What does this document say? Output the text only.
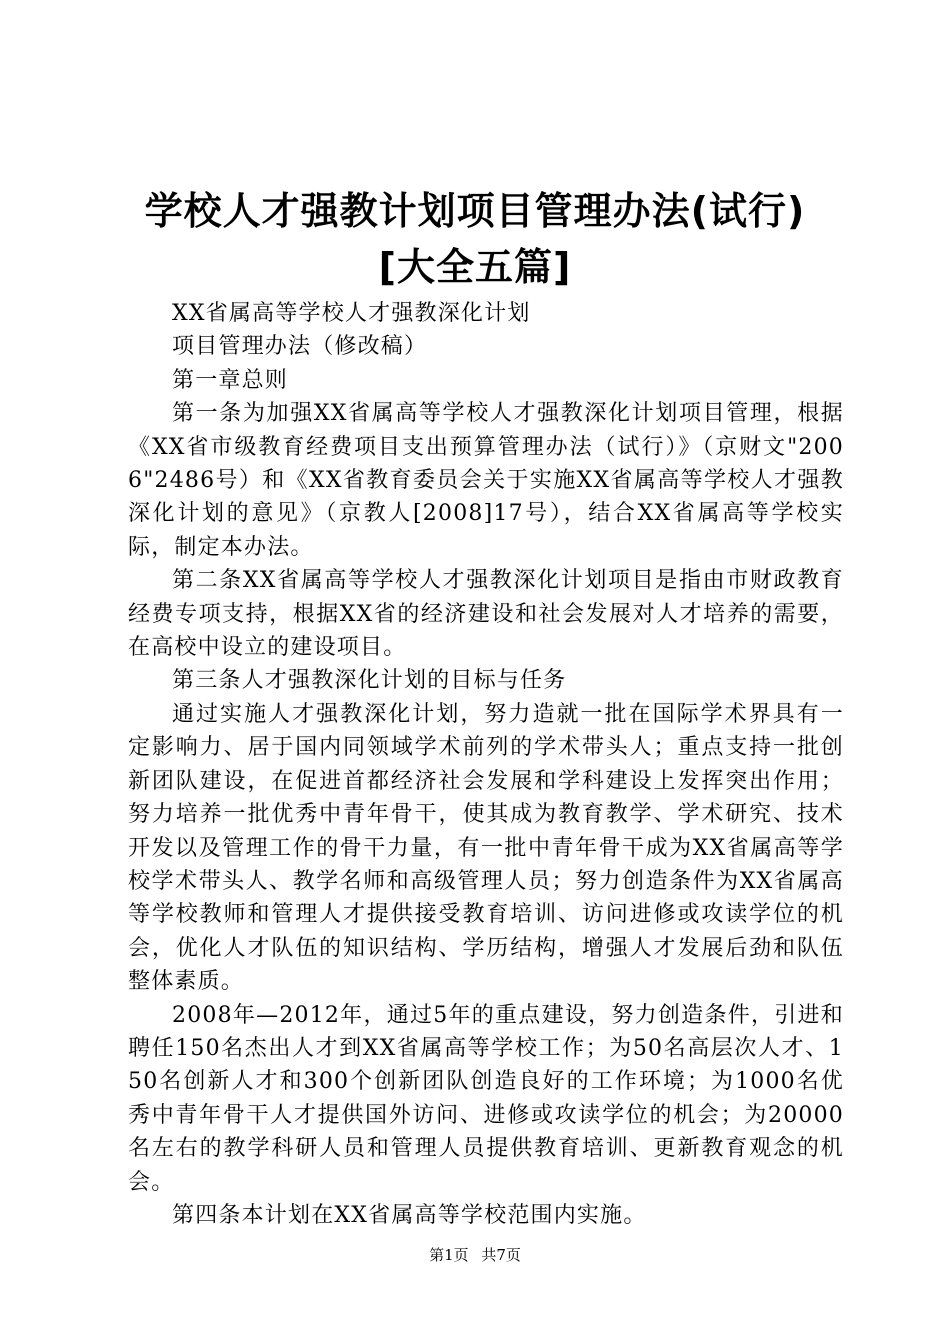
学校人才强教计划项目管理办法(试行)[大全五篇]

XX省属高等学校人才强教深化计划

项目管理办法（修改稿）

第一章总则

第一条为加强XX省属高等学校人才强教深化计划项目管理，根据《XX省市级教育经费项目支出预算管理办法（试行）》（京财文"2006"2486号）和《XX省教育委员会关于实施XX省属高等学校人才强教深化计划的意见》（京教人[2008]17号），结合XX省属高等学校实际，制定本办法。

第二条XX省属高等学校人才强教深化计划项目是指由市财政教育经费专项支持，根据XX省的经济建设和社会发展对人才培养的需要，在高校中设立的建设项目。

第三条人才强教深化计划的目标与任务

通过实施人才强教深化计划，努力造就一批在国际学术界具有一定影响力、居于国内同领域学术前列的学术带头人；重点支持一批创新团队建设，在促进首都经济社会发展和学科建设上发挥突出作用；努力培养一批优秀中青年骨干，使其成为教育教学、学术研究、技术开发以及管理工作的骨干力量，有一批中青年骨干成为XX省属高等学校学术带头人、教学名师和高级管理人员；努力创造条件为XX省属高等学校教师和管理人才提供接受教育培训、访问进修或攻读学位的机会，优化人才队伍的知识结构、学历结构，增强人才发展后劲和队伍整体素质。

2008年—2012年，通过5年的重点建设，努力创造条件，引进和聘任150名杰出人才到XX省属高等学校工作；为50名高层次人才、150名创新人才和300个创新团队创造良好的工作环境；为1000名优秀中青年骨干人才提供国外访问、进修或攻读学位的机会；为20000名左右的教学科研人员和管理人员提供教育培训、更新教育观念的机会。

第四条本计划在XX省属高等学校范围内实施。

第1页 共7页
